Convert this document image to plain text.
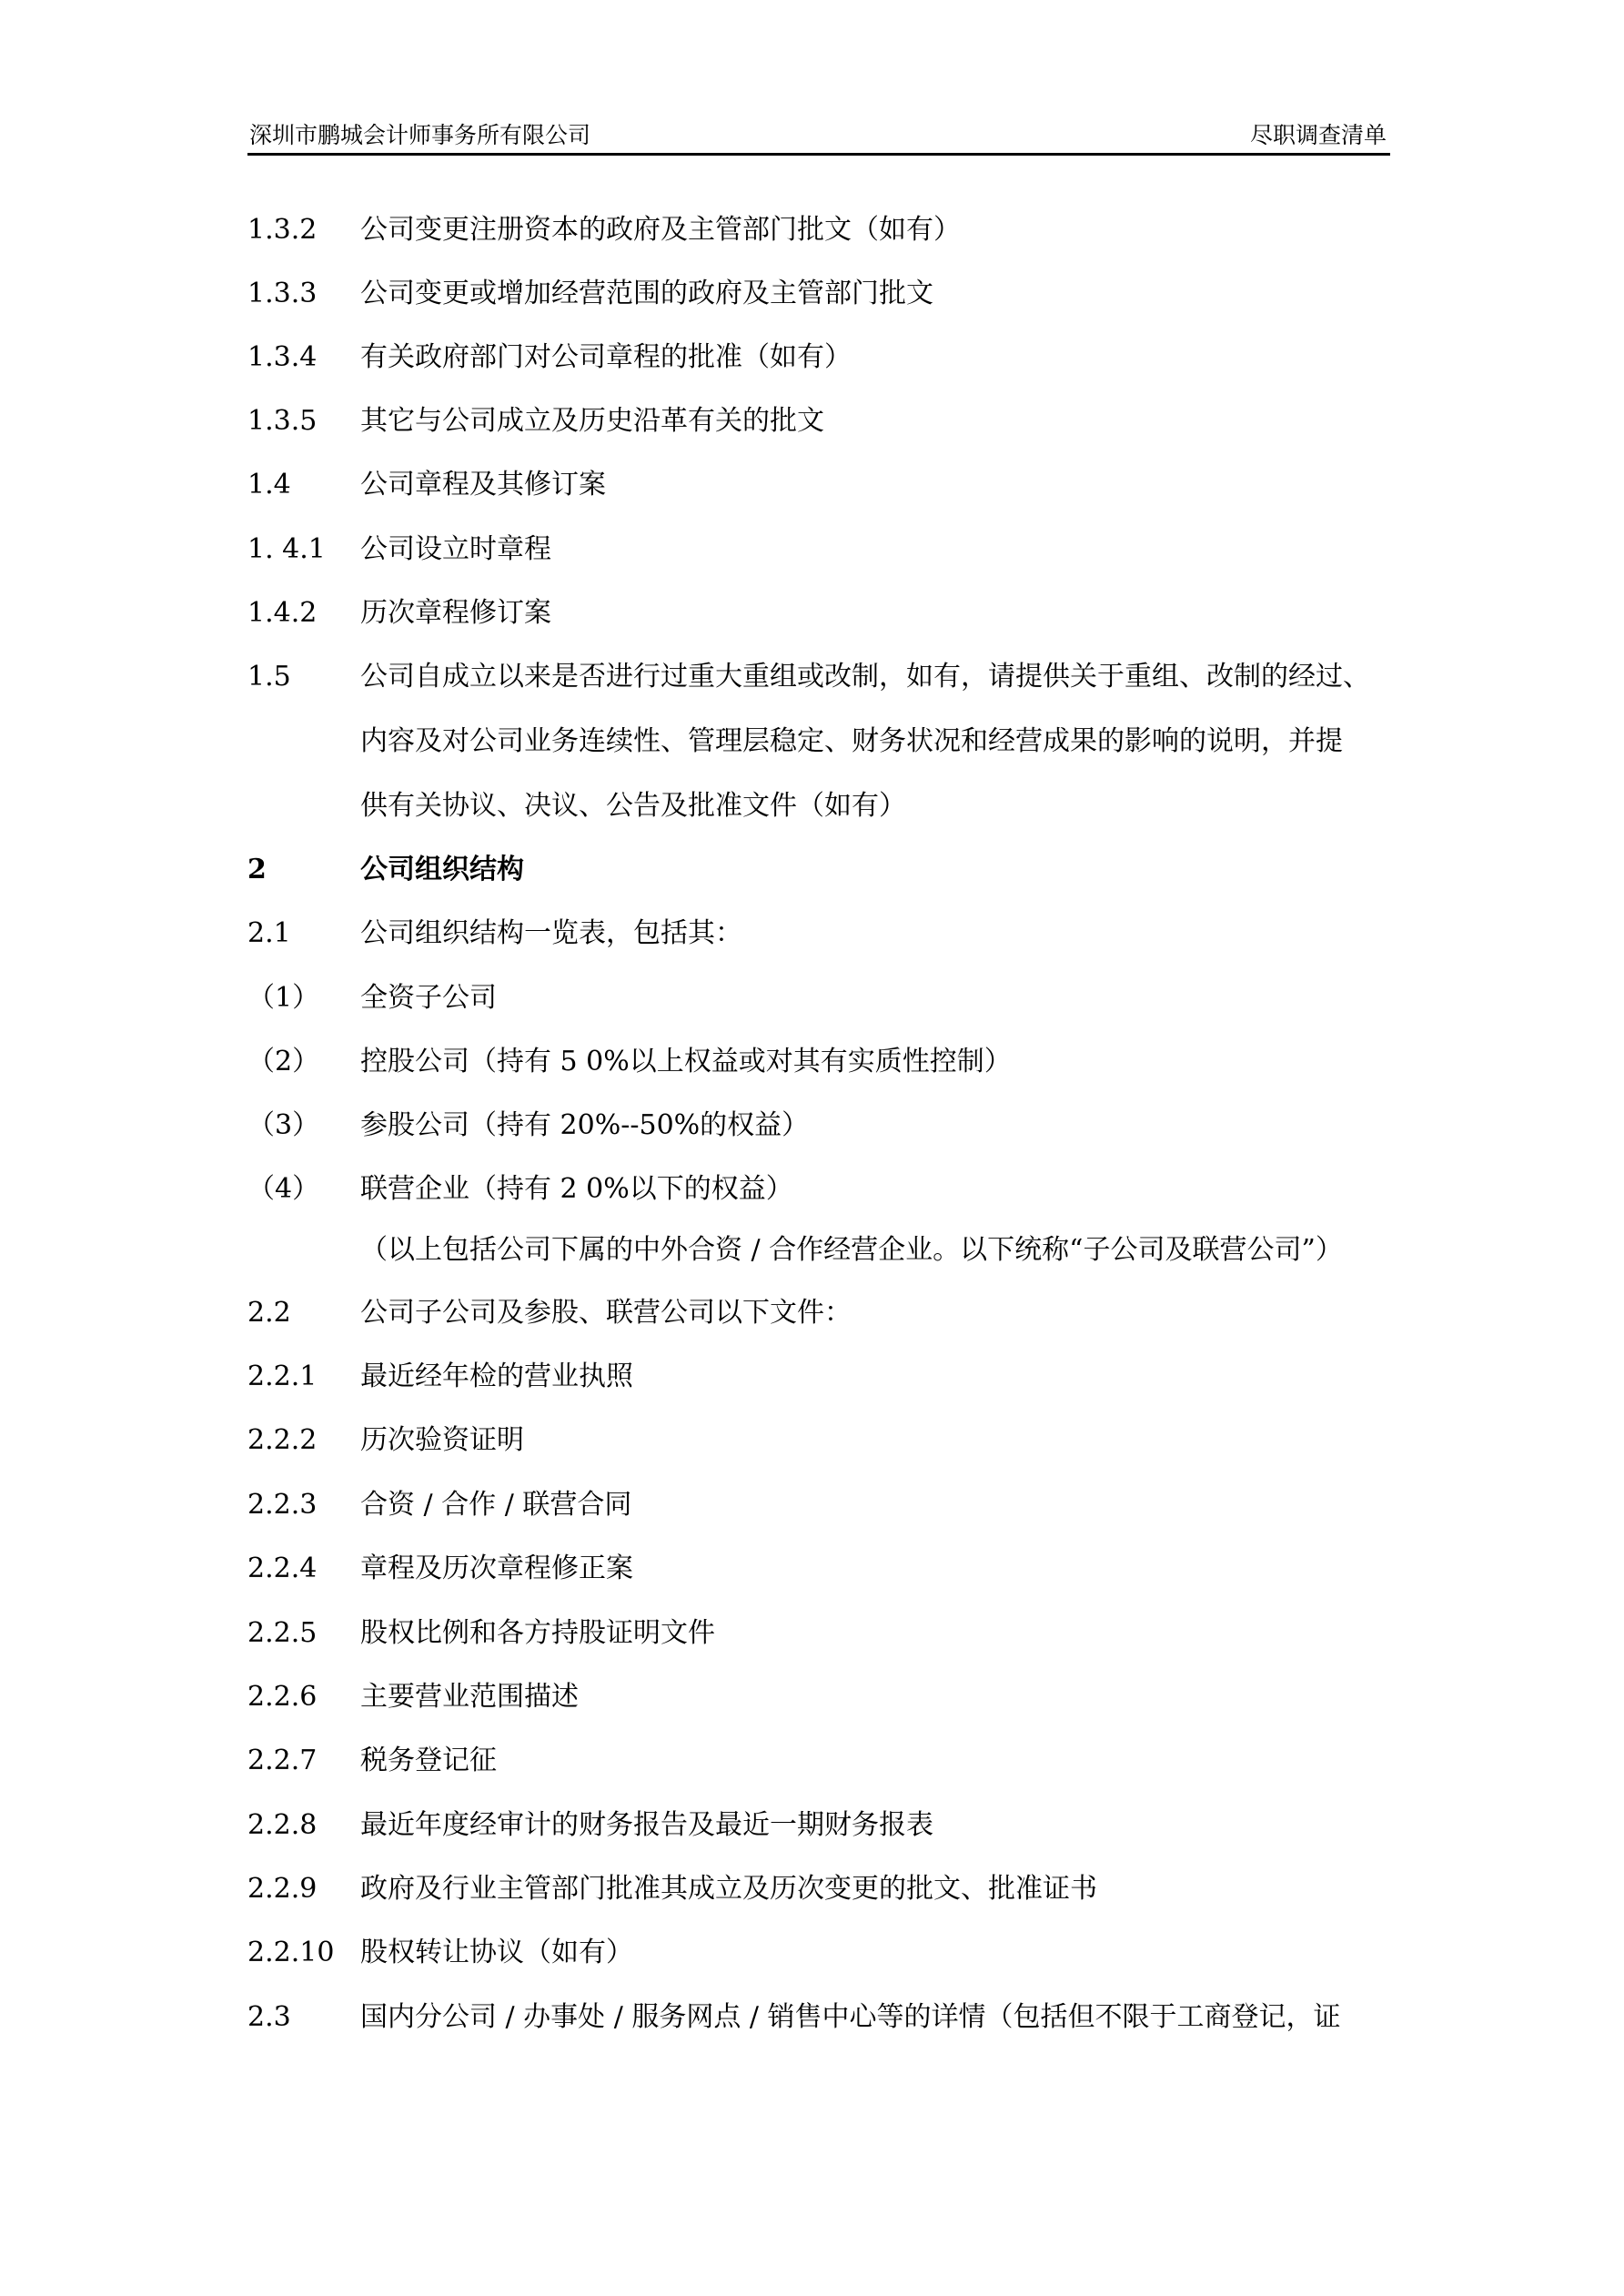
深圳市鹏城会计师事务所有限公司	尽职调查清单
1.3.2 公司变更注册资本的政府及主管部门批文（如有）
1.3.3 公司变更或增加经营范围的政府及主管部门批文
1.3.4 有关政府部门对公司章程的批准（如有）
1.3.5 其它与公司成立及历史沿革有关的批文
1.4	公司章程及其修订案
1. 4.1 公司设立时章程
1.4.2 历次章程修订案
1.5	公司自成立以来是否进行过重大重组或改制，如有，请提供关于重组、改制的经过、
内容及对公司业务连续性、管理层稳定、财务状况和经营成果的影响的说明，并提
供有关协议、决议、公告及批准文件（如有）
2	公司组织结构
2.1	公司组织结构一览表，包括其：
（1） 全资子公司
（2） 控股公司（持有 5 0%以上权益或对其有实质性控制）
（3） 参股公司（持有 20%--50%的权益）
（4） 联营企业（持有 2 0%以下的权益）
（以上包括公司下属的中外合资 / 合作经营企业。以下统称“子公司及联营公司”）
2.2	公司子公司及参股、联营公司以下文件：
2.2.1 最近经年检的营业执照
2.2.2 历次验资证明
2.2.3 合资 / 合作 / 联营合同
2.2.4 章程及历次章程修正案
2.2.5 股权比例和各方持股证明文件
2.2.6 主要营业范围描述
2.2.7 税务登记征
2.2.8 最近年度经审计的财务报告及最近一期财务报表
2.2.9 政府及行业主管部门批准其成立及历次变更的批文、批准证书
2.2.10 股权转让协议（如有）
2.3	国内分公司 / 办事处 / 服务网点 / 销售中心等的详情（包括但不限于工商登记，证
